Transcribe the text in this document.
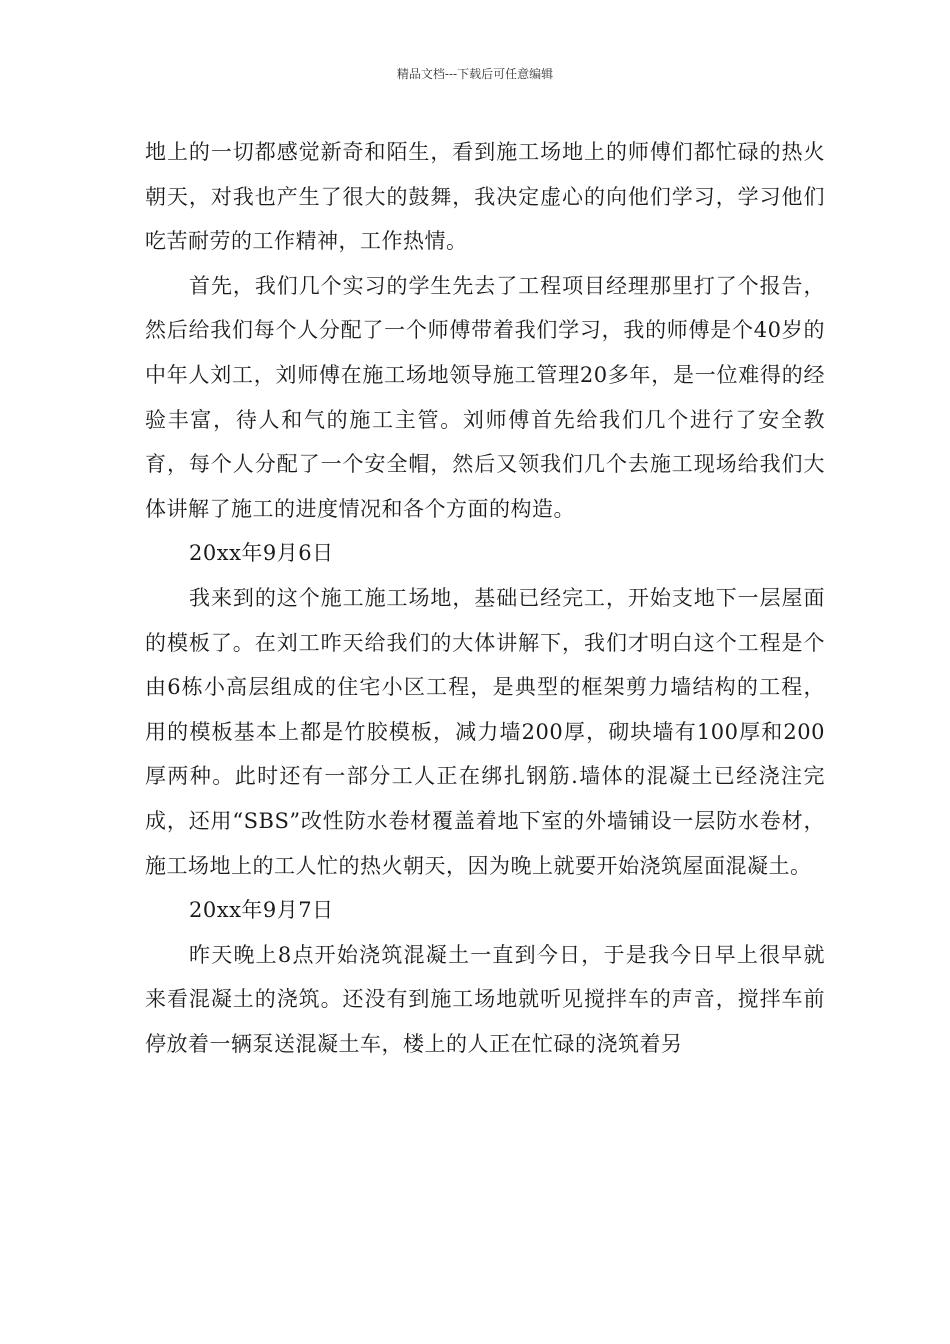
精品文档---下载后可任意编辑

地上的一切都感觉新奇和陌生，看到施工场地上的师傅们都忙碌的热火朝天，对我也产生了很大的鼓舞，我决定虚心的向他们学习，学习他们吃苦耐劳的工作精神，工作热情。

首先，我们几个实习的学生先去了工程项目经理那里打了个报告，然后给我们每个人分配了一个师傅带着我们学习，我的师傅是个40岁的中年人刘工，刘师傅在施工场地领导施工管理20多年，是一位难得的经验丰富，待人和气的施工主管。刘师傅首先给我们几个进行了安全教育，每个人分配了一个安全帽，然后又领我们几个去施工现场给我们大体讲解了施工的进度情况和各个方面的构造。

20xx年9月6日

我来到的这个施工施工场地，基础已经完工，开始支地下一层屋面的模板了。在刘工昨天给我们的大体讲解下，我们才明白这个工程是个由6栋小高层组成的住宅小区工程，是典型的框架剪力墙结构的工程，用的模板基本上都是竹胶模板，减力墙200厚，砌块墙有100厚和200厚两种。此时还有一部分工人正在绑扎钢筋.墙体的混凝土已经浇注完成，还用“SBS”改性防水卷材覆盖着地下室的外墙铺设一层防水卷材，施工场地上的工人忙的热火朝天，因为晚上就要开始浇筑屋面混凝土。

20xx年9月7日

昨天晚上8点开始浇筑混凝土一直到今日，于是我今日早上很早就来看混凝土的浇筑。还没有到施工场地就听见搅拌车的声音，搅拌车前停放着一辆泵送混凝土车，楼上的人正在忙碌的浇筑着另
